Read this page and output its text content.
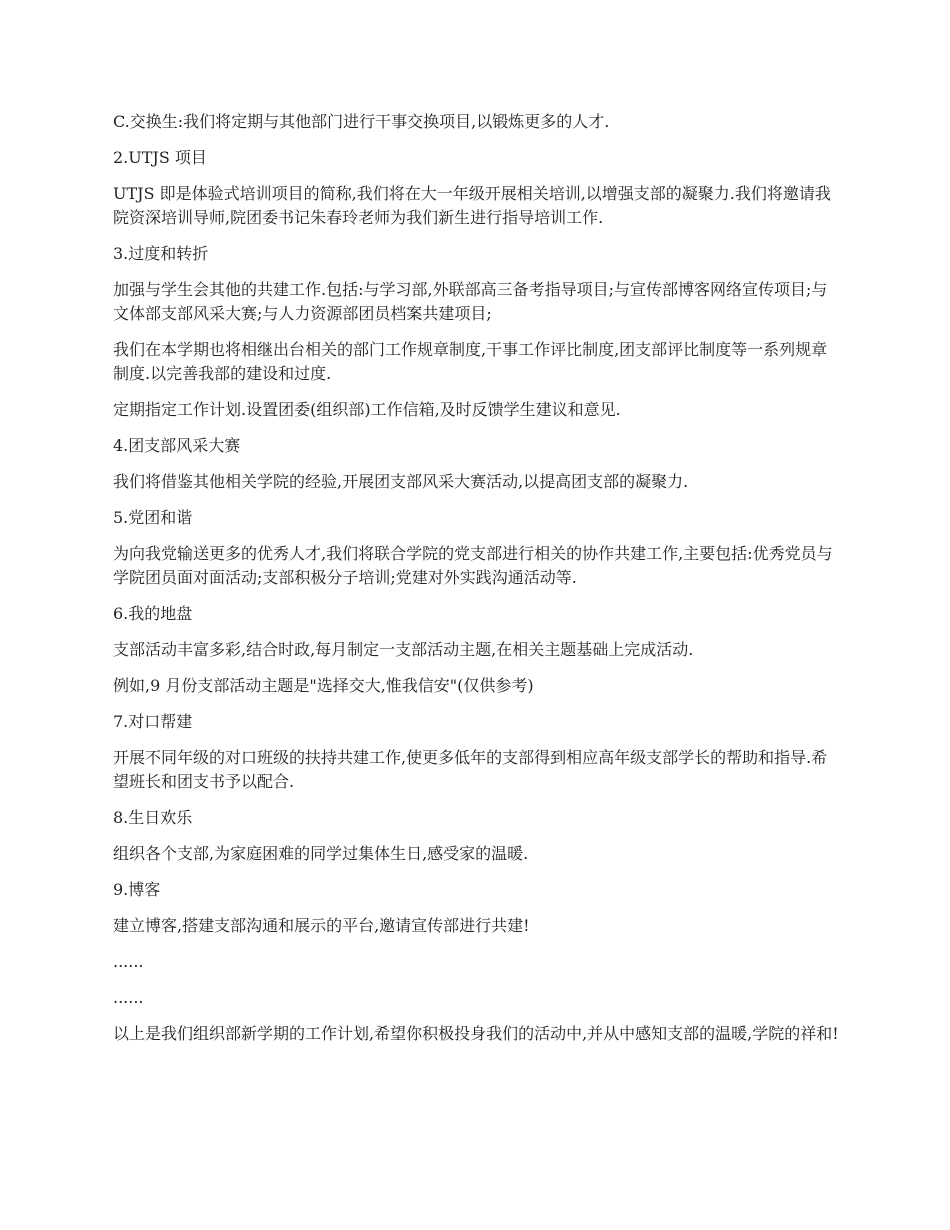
C.交换生:我们将定期与其他部门进行干事交换项目,以锻炼更多的人才.

2.UTJS 项目

UTJS 即是体验式培训项目的简称,我们将在大一年级开展相关培训,以增强支部的凝聚力.我们将邀请我院资深培训导师,院团委书记朱春玲老师为我们新生进行指导培训工作.

3.过度和转折

加强与学生会其他的共建工作.包括:与学习部,外联部高三备考指导项目;与宣传部博客网络宣传项目;与文体部支部风采大赛;与人力资源部团员档案共建项目;

我们在本学期也将相继出台相关的部门工作规章制度,干事工作评比制度,团支部评比制度等一系列规章制度.以完善我部的建设和过度.

定期指定工作计划.设置团委(组织部)工作信箱,及时反馈学生建议和意见.

4.团支部风采大赛

我们将借鉴其他相关学院的经验,开展团支部风采大赛活动,以提高团支部的凝聚力.

5.党团和谐

为向我党输送更多的优秀人才,我们将联合学院的党支部进行相关的协作共建工作,主要包括:优秀党员与学院团员面对面活动;支部积极分子培训;党建对外实践沟通活动等.

6.我的地盘

支部活动丰富多彩,结合时政,每月制定一支部活动主题,在相关主题基础上完成活动.

例如,9 月份支部活动主题是"选择交大,惟我信安"(仅供参考)

7.对口帮建

开展不同年级的对口班级的扶持共建工作,使更多低年的支部得到相应高年级支部学长的帮助和指导.希望班长和团支书予以配合.

8.生日欢乐

组织各个支部,为家庭困难的同学过集体生日,感受家的温暖.

9.博客

建立博客,搭建支部沟通和展示的平台,邀请宣传部进行共建!

......

......

以上是我们组织部新学期的工作计划,希望你积极投身我们的活动中,并从中感知支部的温暖,学院的祥和!
